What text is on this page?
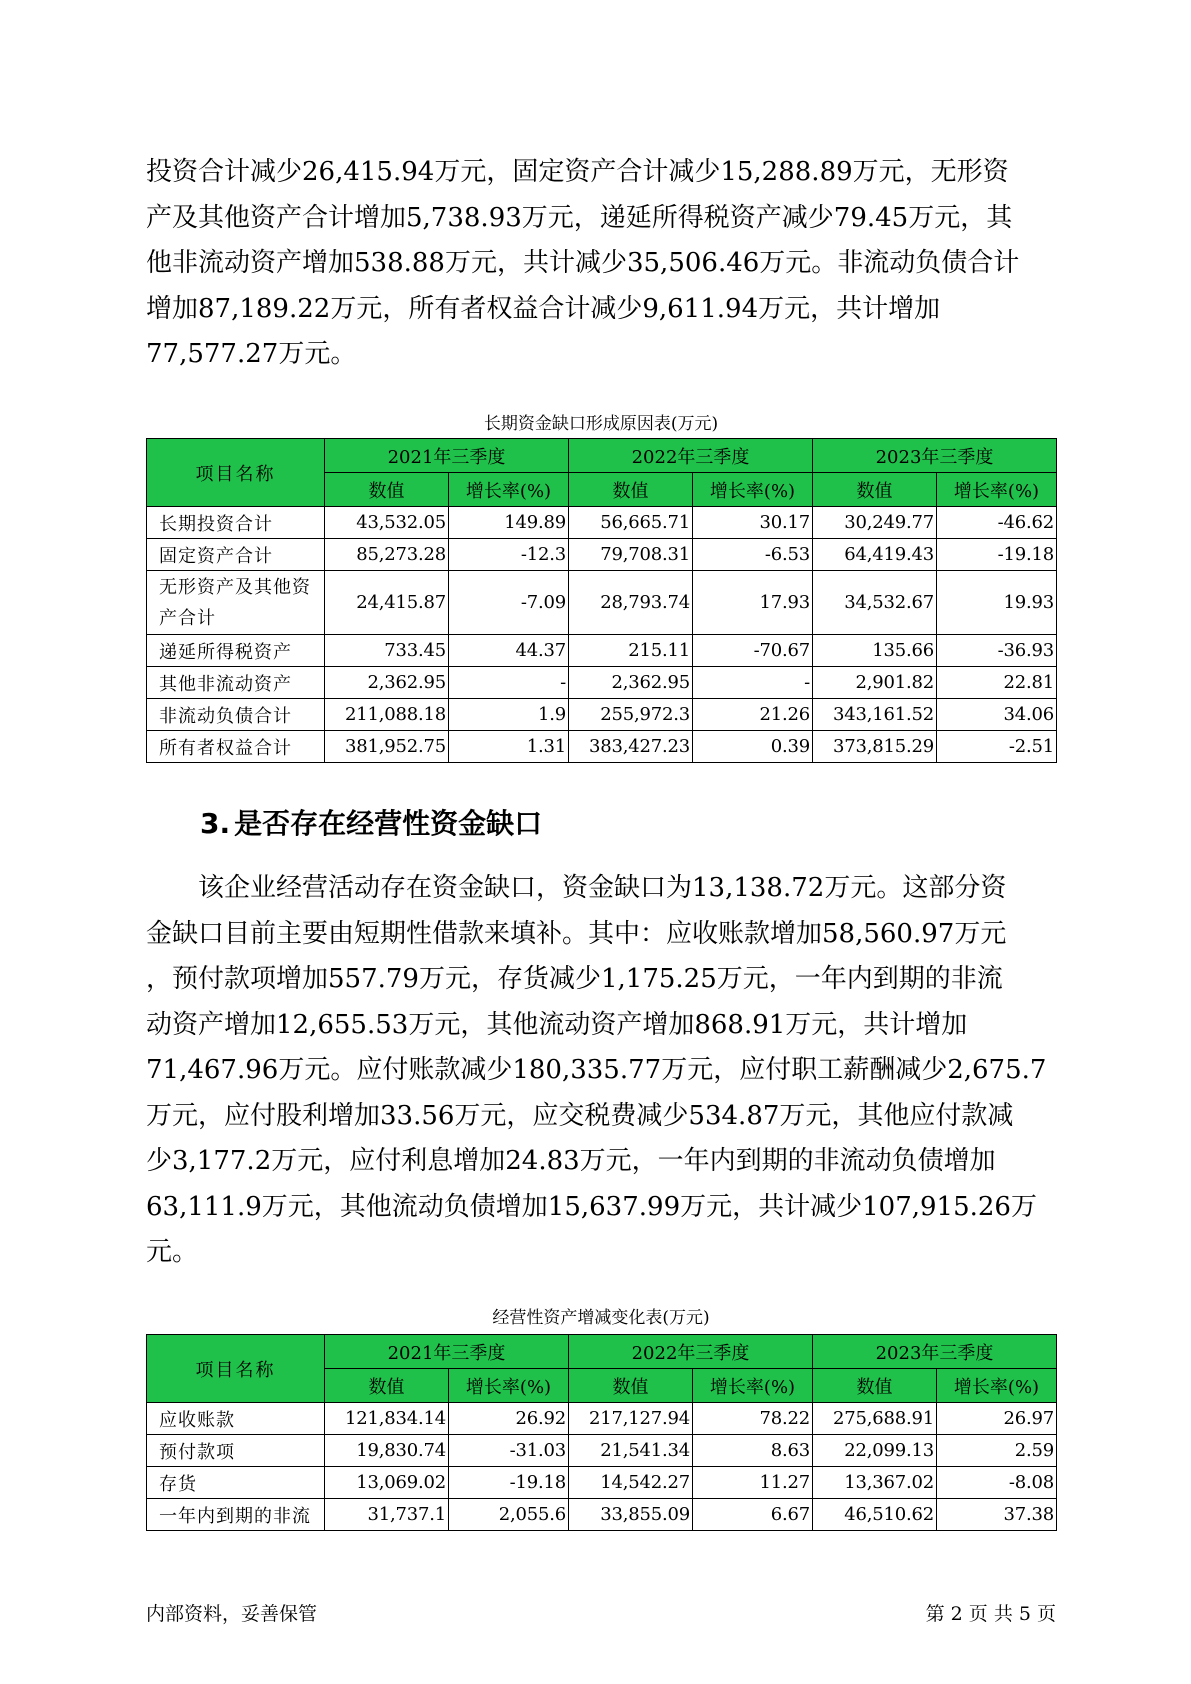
投资合计减少26,415.94万元，固定资产合计减少15,288.89万元，无形资

产及其他资产合计增加5,738.93万元，递延所得税资产减少79.45万元，其

他非流动资产增加538.88万元，共计减少35,506.46万元。非流动负债合计

增加87,189.22万元，所有者权益合计减少9,611.94万元，共计增加

77,577.27万元。

长期资金缺口形成原因表(万元)
项目名称	2021年三季度		2022年三季度		2023年三季度	
	数值	增长率(%)	数值	增长率(%)	数值	增长率(%)
长期投资合计	43,532.05	149.89	56,665.71	30.17	30,249.77	-46.62
固定资产合计	85,273.28	-12.3	79,708.31	-6.53	64,419.43	-19.18
无形资产及其他资产合计	24,415.87	-7.09	28,793.74	17.93	34,532.67	19.93
递延所得税资产	733.45	44.37	215.11	-70.67	135.66	-36.93
其他非流动资产	2,362.95	-	2,362.95	-	2,901.82	22.81
非流动负债合计	211,088.18	1.9	255,972.3	21.26	343,161.52	34.06
所有者权益合计	381,952.75	1.31	383,427.23	0.39	373,815.29	-2.51
3. 是否存在经营性资金缺口

该企业经营活动存在资金缺口，资金缺口为13,138.72万元。这部分资

金缺口目前主要由短期性借款来填补。其中：应收账款增加58,560.97万元

，预付款项增加557.79万元，存货减少1,175.25万元，一年内到期的非流

动资产增加12,655.53万元，其他流动资产增加868.91万元，共计增加

71,467.96万元。应付账款减少180,335.77万元，应付职工薪酬减少2,675.7

万元，应付股利增加33.56万元，应交税费减少534.87万元，其他应付款减

少3,177.2万元，应付利息增加24.83万元，一年内到期的非流动负债增加

63,111.9万元，其他流动负债增加15,637.99万元，共计减少107,915.26万

元。

经营性资产增减变化表(万元)
项目名称	2021年三季度		2022年三季度		2023年三季度	
	数值	增长率(%)	数值	增长率(%)	数值	增长率(%)
应收账款	121,834.14	26.92	217,127.94	78.22	275,688.91	26.97
预付款项	19,830.74	-31.03	21,541.34	8.63	22,099.13	2.59
存货	13,069.02	-19.18	14,542.27	11.27	13,367.02	-8.08
一年内到期的非流	31,737.1	2,055.6	33,855.09	6.67	46,510.62	37.38
内部资料，妥善保管	第 2 页 共 5 页
